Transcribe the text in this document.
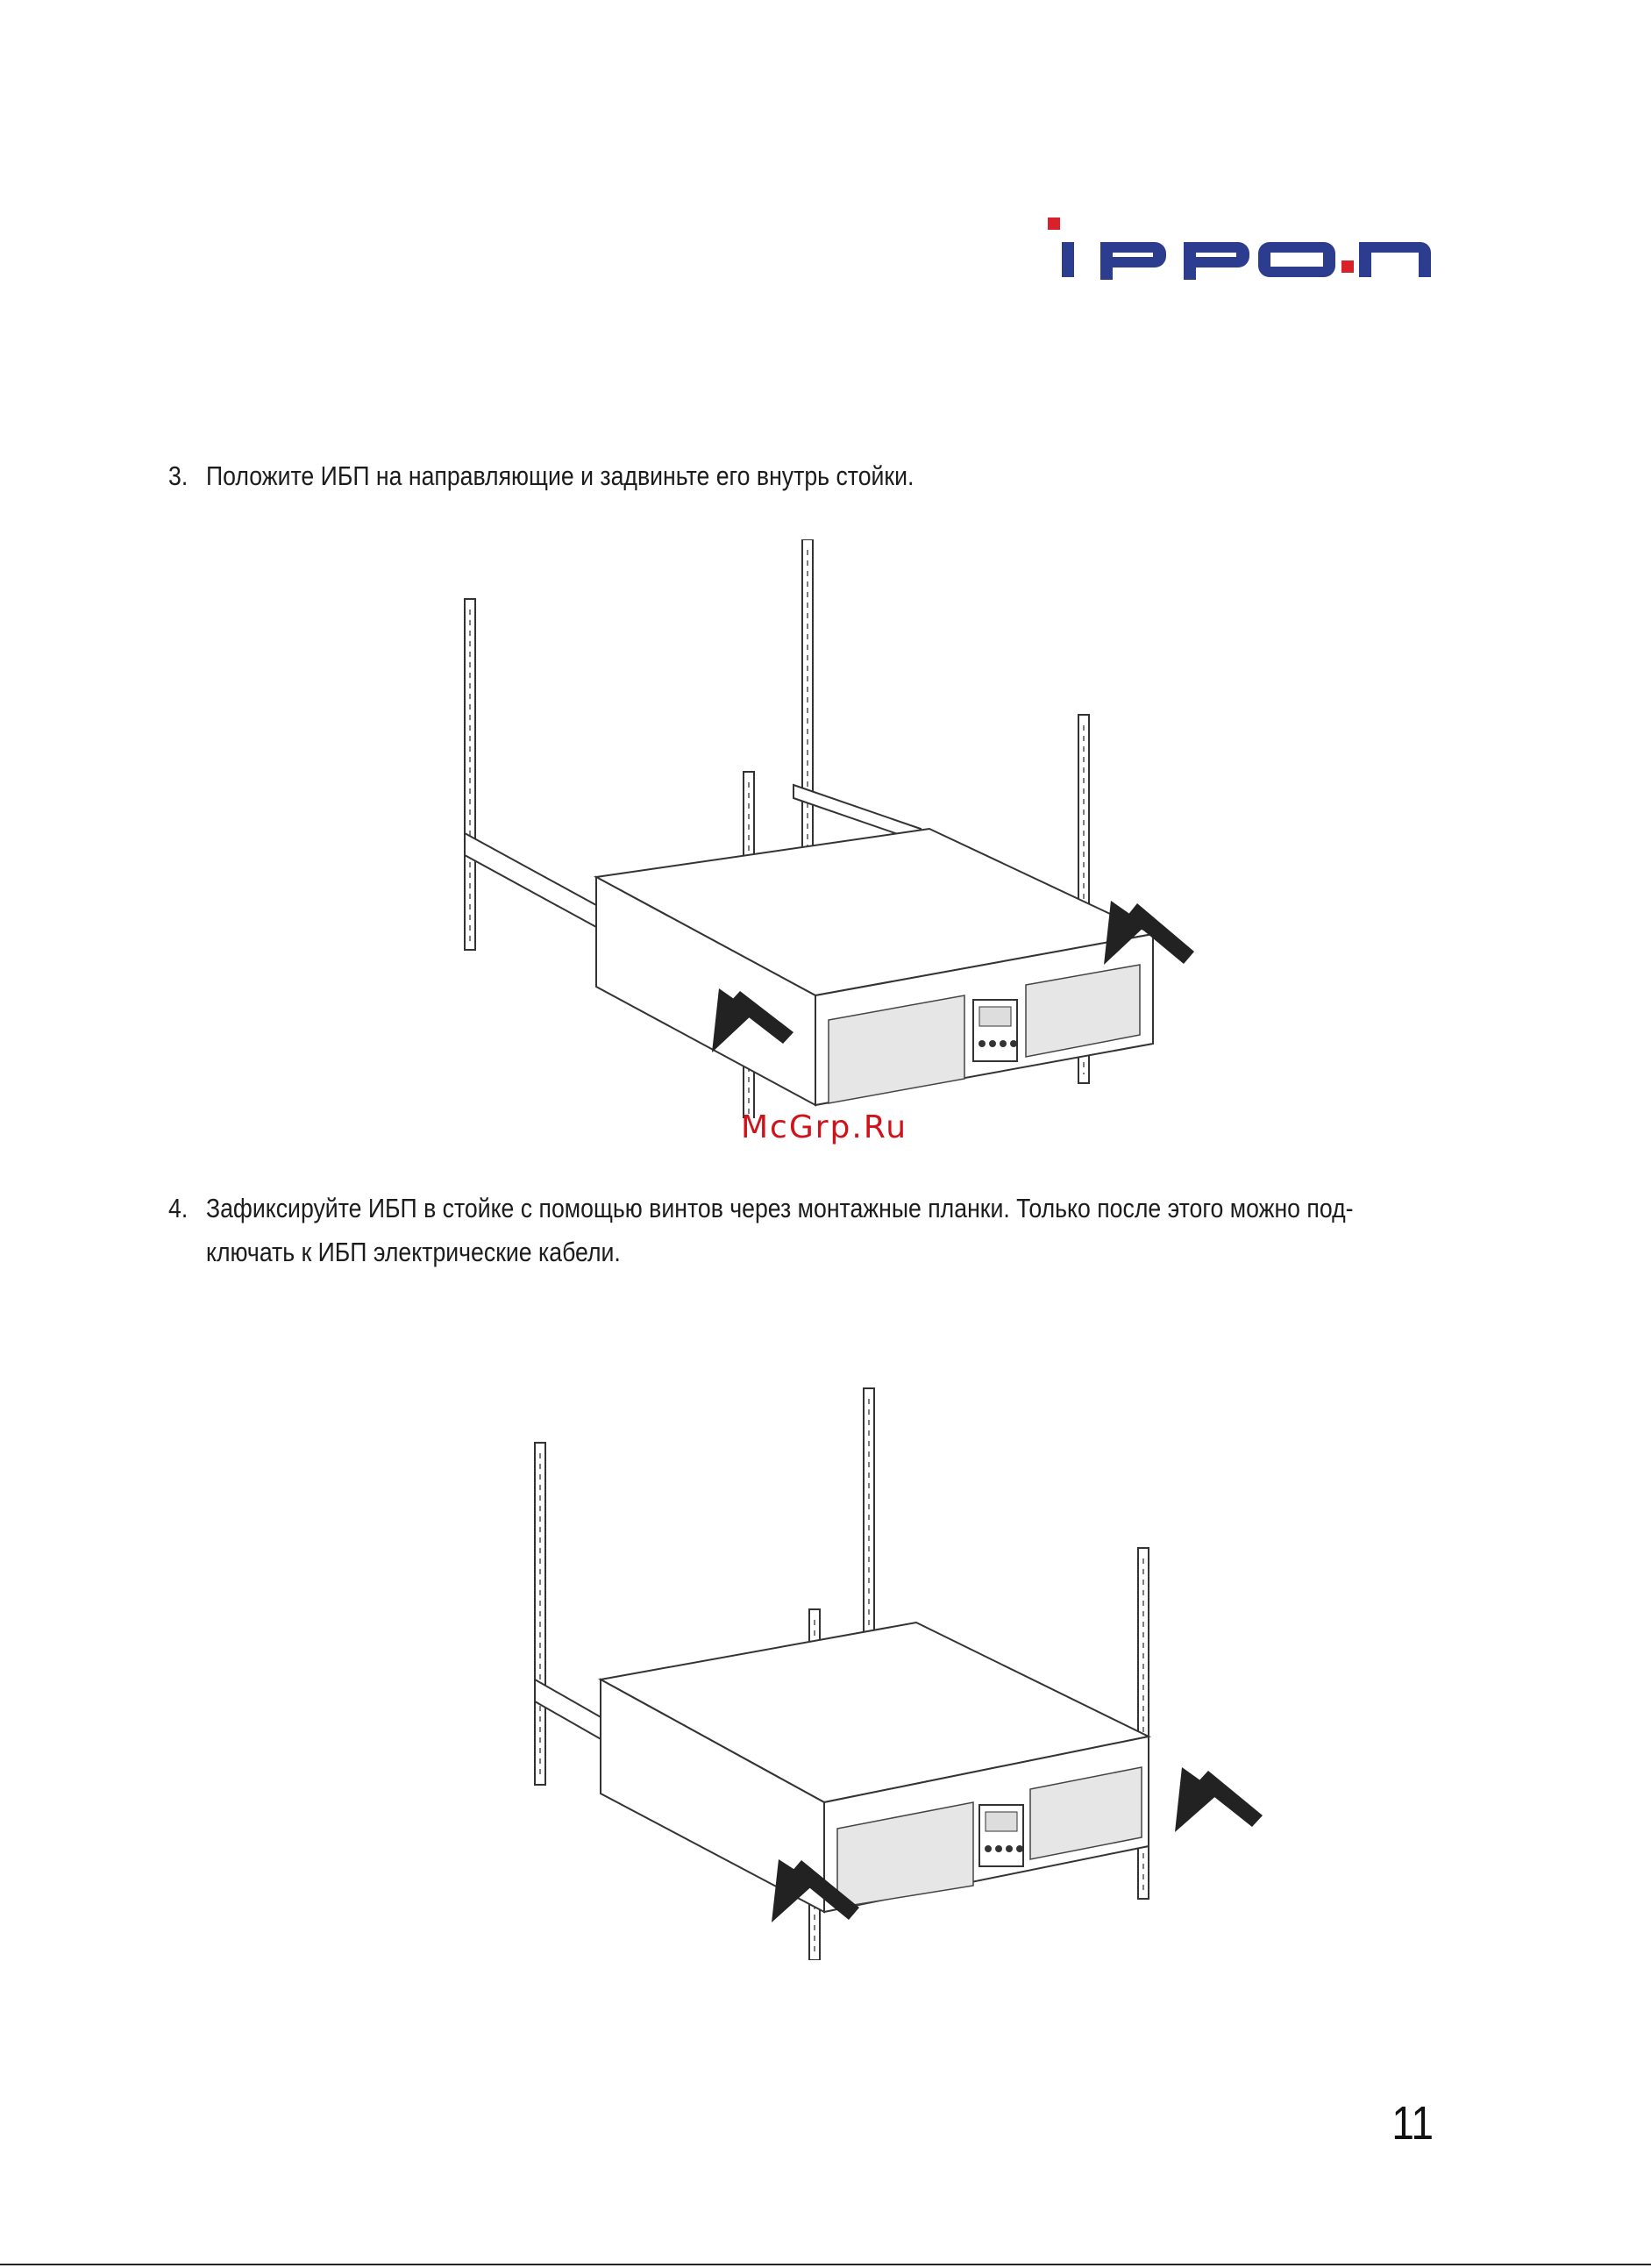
3. Положите ИБП на направляющие и задвиньте его внутрь стойки.
McGrp.Ru
4. Зафиксируйте ИБП в стойке с помощью винтов через монтажные планки. Только после этого можно под-
ключать к ИБП электрические кабели.
11
